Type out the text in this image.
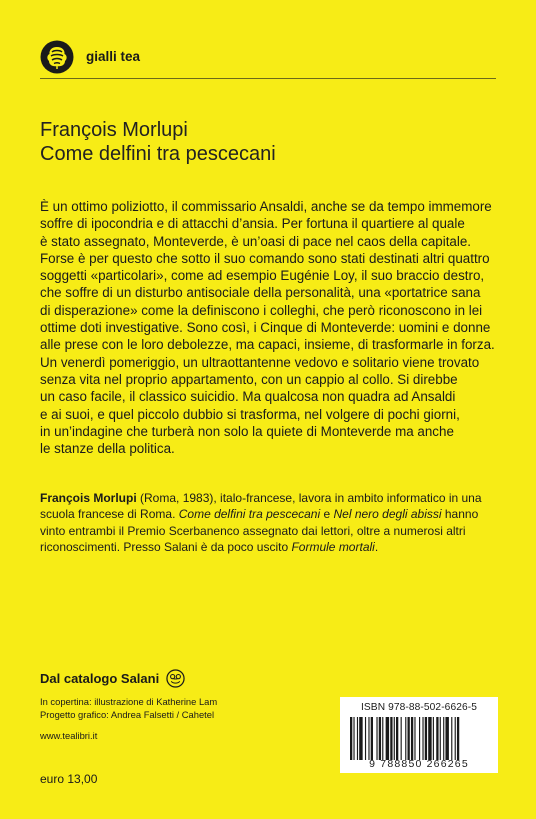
gialli tea
François Morlupi
Come delfini tra pescecani
È un ottimo poliziotto, il commissario Ansaldi, anche se da tempo immemore
soffre di ipocondria e di attacchi d’ansia. Per fortuna il quartiere al quale
è stato assegnato, Monteverde, è un’oasi di pace nel caos della capitale.
Forse è per questo che sotto il suo comando sono stati destinati altri quattro
soggetti «particolari», come ad esempio Eugénie Loy, il suo braccio destro,
che soffre di un disturbo antisociale della personalità, una «portatrice sana
di disperazione» come la definiscono i colleghi, che però riconoscono in lei
ottime doti investigative. Sono così, i Cinque di Monteverde: uomini e donne
alle prese con le loro debolezze, ma capaci, insieme, di trasformarle in forza.
Un venerdì pomeriggio, un ultraottantenne vedovo e solitario viene trovato
senza vita nel proprio appartamento, con un cappio al collo. Si direbbe
un caso facile, il classico suicidio. Ma qualcosa non quadra ad Ansaldi
e ai suoi, e quel piccolo dubbio si trasforma, nel volgere di pochi giorni,
in un’indagine che turberà non solo la quiete di Monteverde ma anche
le stanze della politica.
François Morlupi (Roma, 1983), italo-francese, lavora in ambito informatico in una
scuola francese di Roma. Come delfini tra pescecani e Nel nero degli abissi hanno
vinto entrambi il Premio Scerbanenco assegnato dai lettori, oltre a numerosi altri
riconoscimenti. Presso Salani è da poco uscito Formule mortali.
Dal catalogo Salani
In copertina: illustrazione di Katherine Lam
Progetto grafico: Andrea Falsetti / Cahetel
www.tealibri.it
euro 13,00
ISBN 978-88-502-6626-5
9 788850 266265
